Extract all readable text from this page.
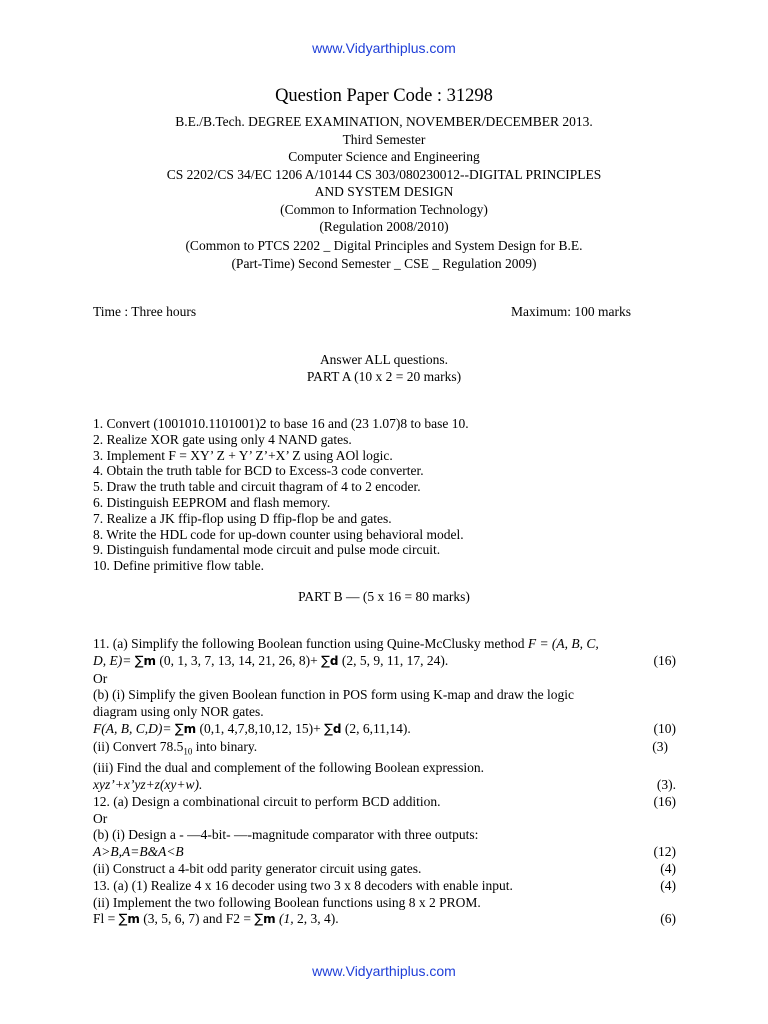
www.Vidyarthiplus.com
Question Paper Code : 31298
B.E./B.Tech. DEGREE EXAMINATION, NOVEMBER/DECEMBER 2013.
Third Semester
Computer Science and Engineering
CS 2202/CS 34/EC 1206 A/10144 CS 303/080230012--DIGITAL PRINCIPLES
AND SYSTEM DESIGN
(Common to Information Technology)
(Regulation 2008/2010)
(Common to PTCS 2202 _ Digital Principles and System Design for B.E.
(Part-Time) Second Semester _ CSE _ Regulation 2009)
Time : Three hours	Maximum: 100 marks
Answer ALL questions.
PART A (10 x 2 = 20 marks)
1. Convert (1001010.1101001)2 to base 16 and (23 1.07)8 to base 10.
2. Realize XOR gate using only 4 NAND gates.
3. Implement F = XY’ Z + Y’ Z’+X’ Z using AOl logic.
4. Obtain the truth table for BCD to Excess-3 code converter.
5. Draw the truth table and circuit thagram of 4 to 2 encoder.
6. Distinguish EEPROM and flash memory.
7. Realize a JK ffip-flop using D ffip-flop be and gates.
8. Write the HDL code for up-down counter using behavioral model.
9. Distinguish fundamental mode circuit and pulse mode circuit.
10. Define primitive flow table.
PART B — (5 x 16 = 80 marks)
11. (a) Simplify the following Boolean function using Quine-McClusky method F = (A, B, C,
D, E)= ∑m (0, 1, 3, 7, 13, 14, 21, 26, 8)+ ∑d (2, 5, 9, 11, 17, 24).	(16)
Or
(b) (i) Simplify the given Boolean function in POS form using K-map and draw the logic
diagram using only NOR gates.
F(A, B, C,D)= ∑m (0,1, 4,7,8,10,12, 15)+ ∑d (2, 6,11,14).	(10)
(ii) Convert $78.5_{10}$ into binary.	(3)
(iii) Find the dual and complement of the following Boolean expression.
xyz’+x’yz+z(xy+w).	(3).
12. (a) Design a combinational circuit to perform BCD addition.	(16)
Or
(b) (i) Design a - —4-bit- —-magnitude comparator with three outputs:
A>B,A=B&A<B	(12)
(ii) Construct a 4-bit odd parity generator circuit using gates.	(4)
13. (a) (1) Realize 4 x 16 decoder using two 3 x 8 decoders with enable input.	(4)
(ii) Implement the two following Boolean functions using 8 x 2 PROM.
Fl = ∑m (3, 5, 6, 7) and F2 = ∑m (1, 2, 3, 4).	(6)
www.Vidyarthiplus.com
